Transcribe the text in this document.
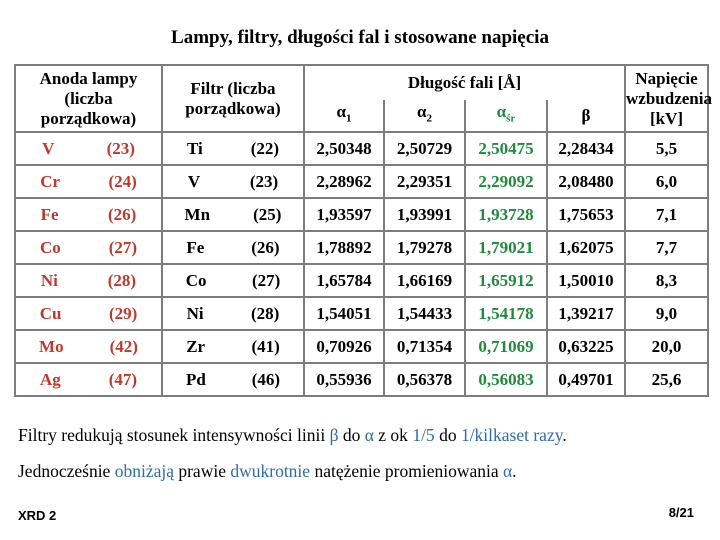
Lampy, filtry, długości fal i stosowane napięcia
Anoda lampy (liczba porządkowa)	Filtr (liczba porządkowa)	Długość fali [Å]				Napięcie wzbudzenia [kV]
		$\alpha_1$	$\alpha_2$	$\alpha_{śr}$	β	

V (23)	Ti (22)	2,50348	2,50729	2,50475	2,28434	5,5

Cr (24)	V (23)	2,28962	2,29351	2,29092	2,08480	6,0

Fe (26)	Mn (25)	1,93597	1,93991	1,93728	1,75653	7,1

Co (27)	Fe (26)	1,78892	1,79278	1,79021	1,62075	7,7

Ni (28)	Co (27)	1,65784	1,66169	1,65912	1,50010	8,3

Cu (29)	Ni (28)	1,54051	1,54433	1,54178	1,39217	9,0

Mo (42)	Zr (41)	0,70926	0,71354	0,71069	0,63225	20,0

Ag (47)	Pd (46)	0,55936	0,56378	0,56083	0,49701	25,6
Filtry redukują stosunek intensywności linii β do α z ok 1/5 do 1/kilkaset razy.
Jednocześnie obniżają prawie dwukrotnie natężenie promieniowania α.
XRD 2	8/21
